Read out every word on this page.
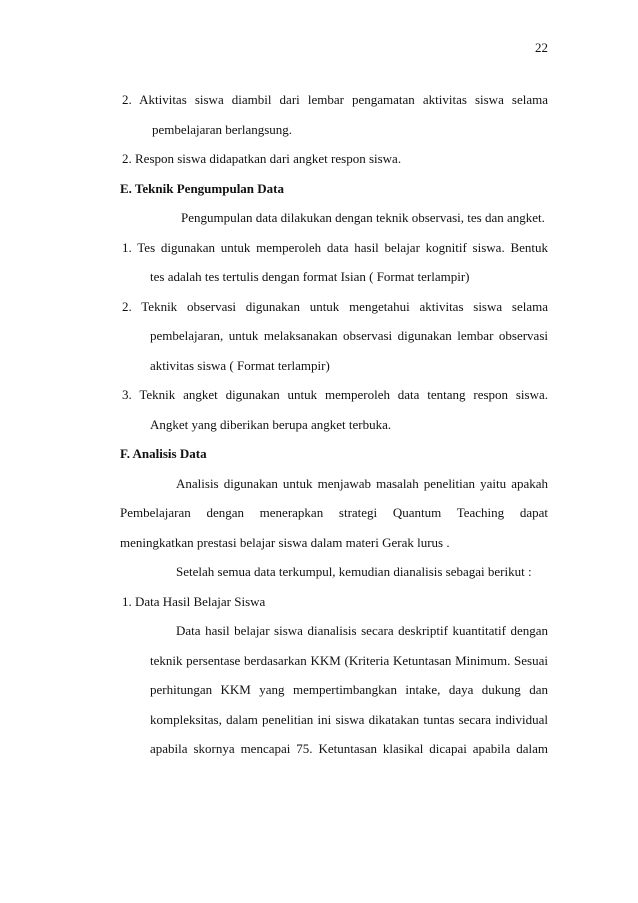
22
2. Aktivitas siswa diambil dari lembar pengamatan aktivitas siswa selama
pembelajaran berlangsung.
2. Respon siswa didapatkan dari angket respon siswa.
E. Teknik Pengumpulan Data
Pengumpulan data dilakukan dengan teknik observasi, tes dan angket.
1. Tes digunakan untuk memperoleh data hasil belajar kognitif siswa. Bentuk
tes adalah tes tertulis dengan format Isian ( Format terlampir)
2. Teknik observasi digunakan untuk mengetahui aktivitas siswa selama
pembelajaran, untuk melaksanakan observasi digunakan lembar observasi
aktivitas siswa ( Format terlampir)
3. Teknik angket digunakan untuk memperoleh data tentang respon siswa.
Angket yang diberikan berupa angket terbuka.
F. Analisis Data
Analisis digunakan untuk menjawab masalah penelitian yaitu apakah
Pembelajaran dengan menerapkan strategi Quantum Teaching dapat
meningkatkan prestasi belajar siswa dalam materi Gerak lurus .
Setelah semua data terkumpul, kemudian dianalisis sebagai berikut :
1. Data Hasil Belajar Siswa
Data hasil belajar siswa dianalisis secara deskriptif kuantitatif dengan
teknik persentase berdasarkan KKM (Kriteria Ketuntasan Minimum. Sesuai
perhitungan KKM yang mempertimbangkan intake, daya dukung dan
kompleksitas, dalam penelitian ini siswa dikatakan tuntas secara individual
apabila skornya mencapai 75. Ketuntasan klasikal dicapai apabila dalam
